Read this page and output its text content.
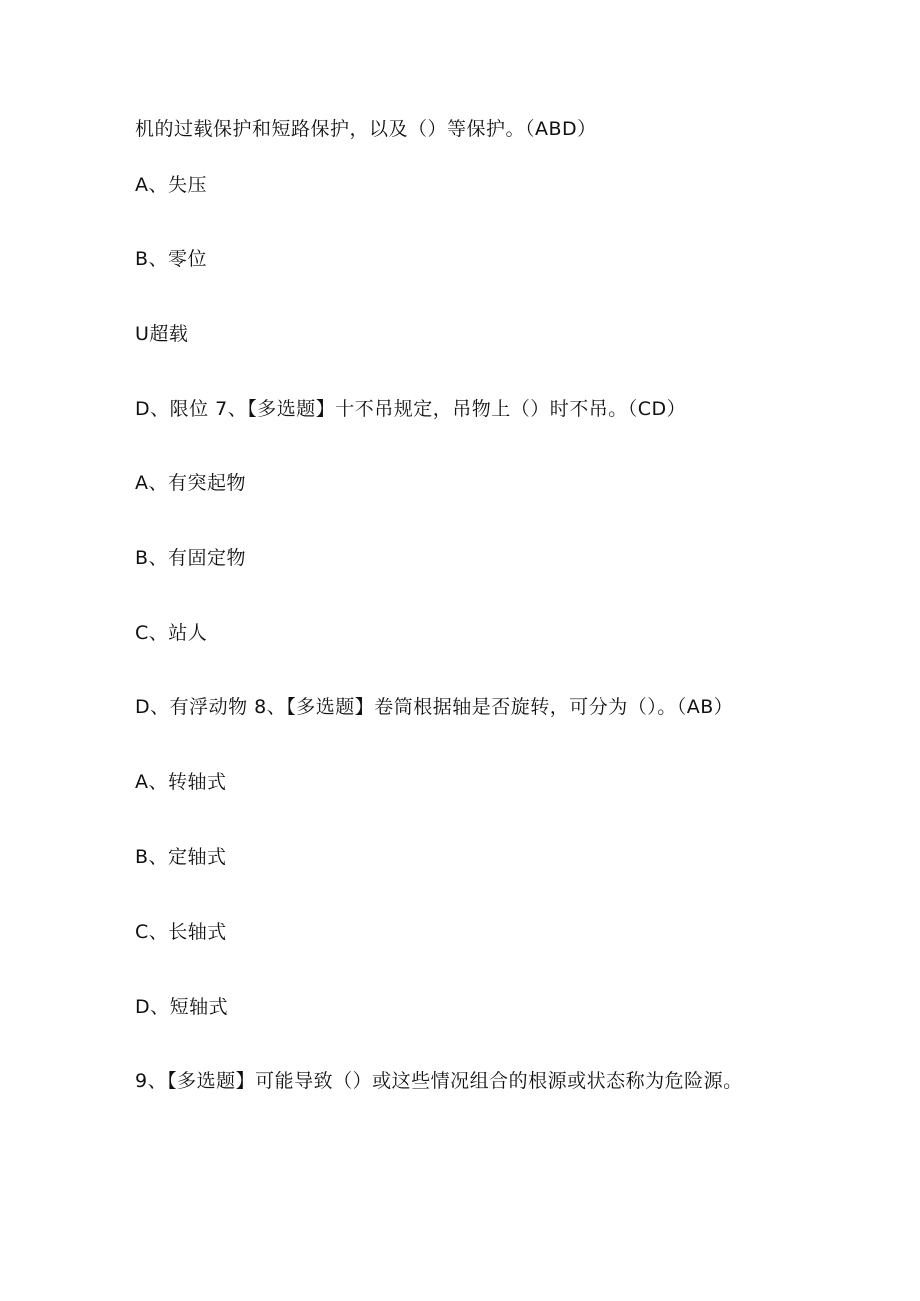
机的过载保护和短路保护，以及（）等保护。（ABD）
A、失压
B、零位
U超载
D、限位 7、【多选题】十不吊规定，吊物上（）时不吊。（CD）
A、有突起物
B、有固定物
C、站人
D、有浮动物 8、【多选题】卷筒根据轴是否旋转，可分为（）。（AB）
A、转轴式
B、定轴式
C、长轴式
D、短轴式
9、【多选题】可能导致（）或这些情况组合的根源或状态称为危险源。
